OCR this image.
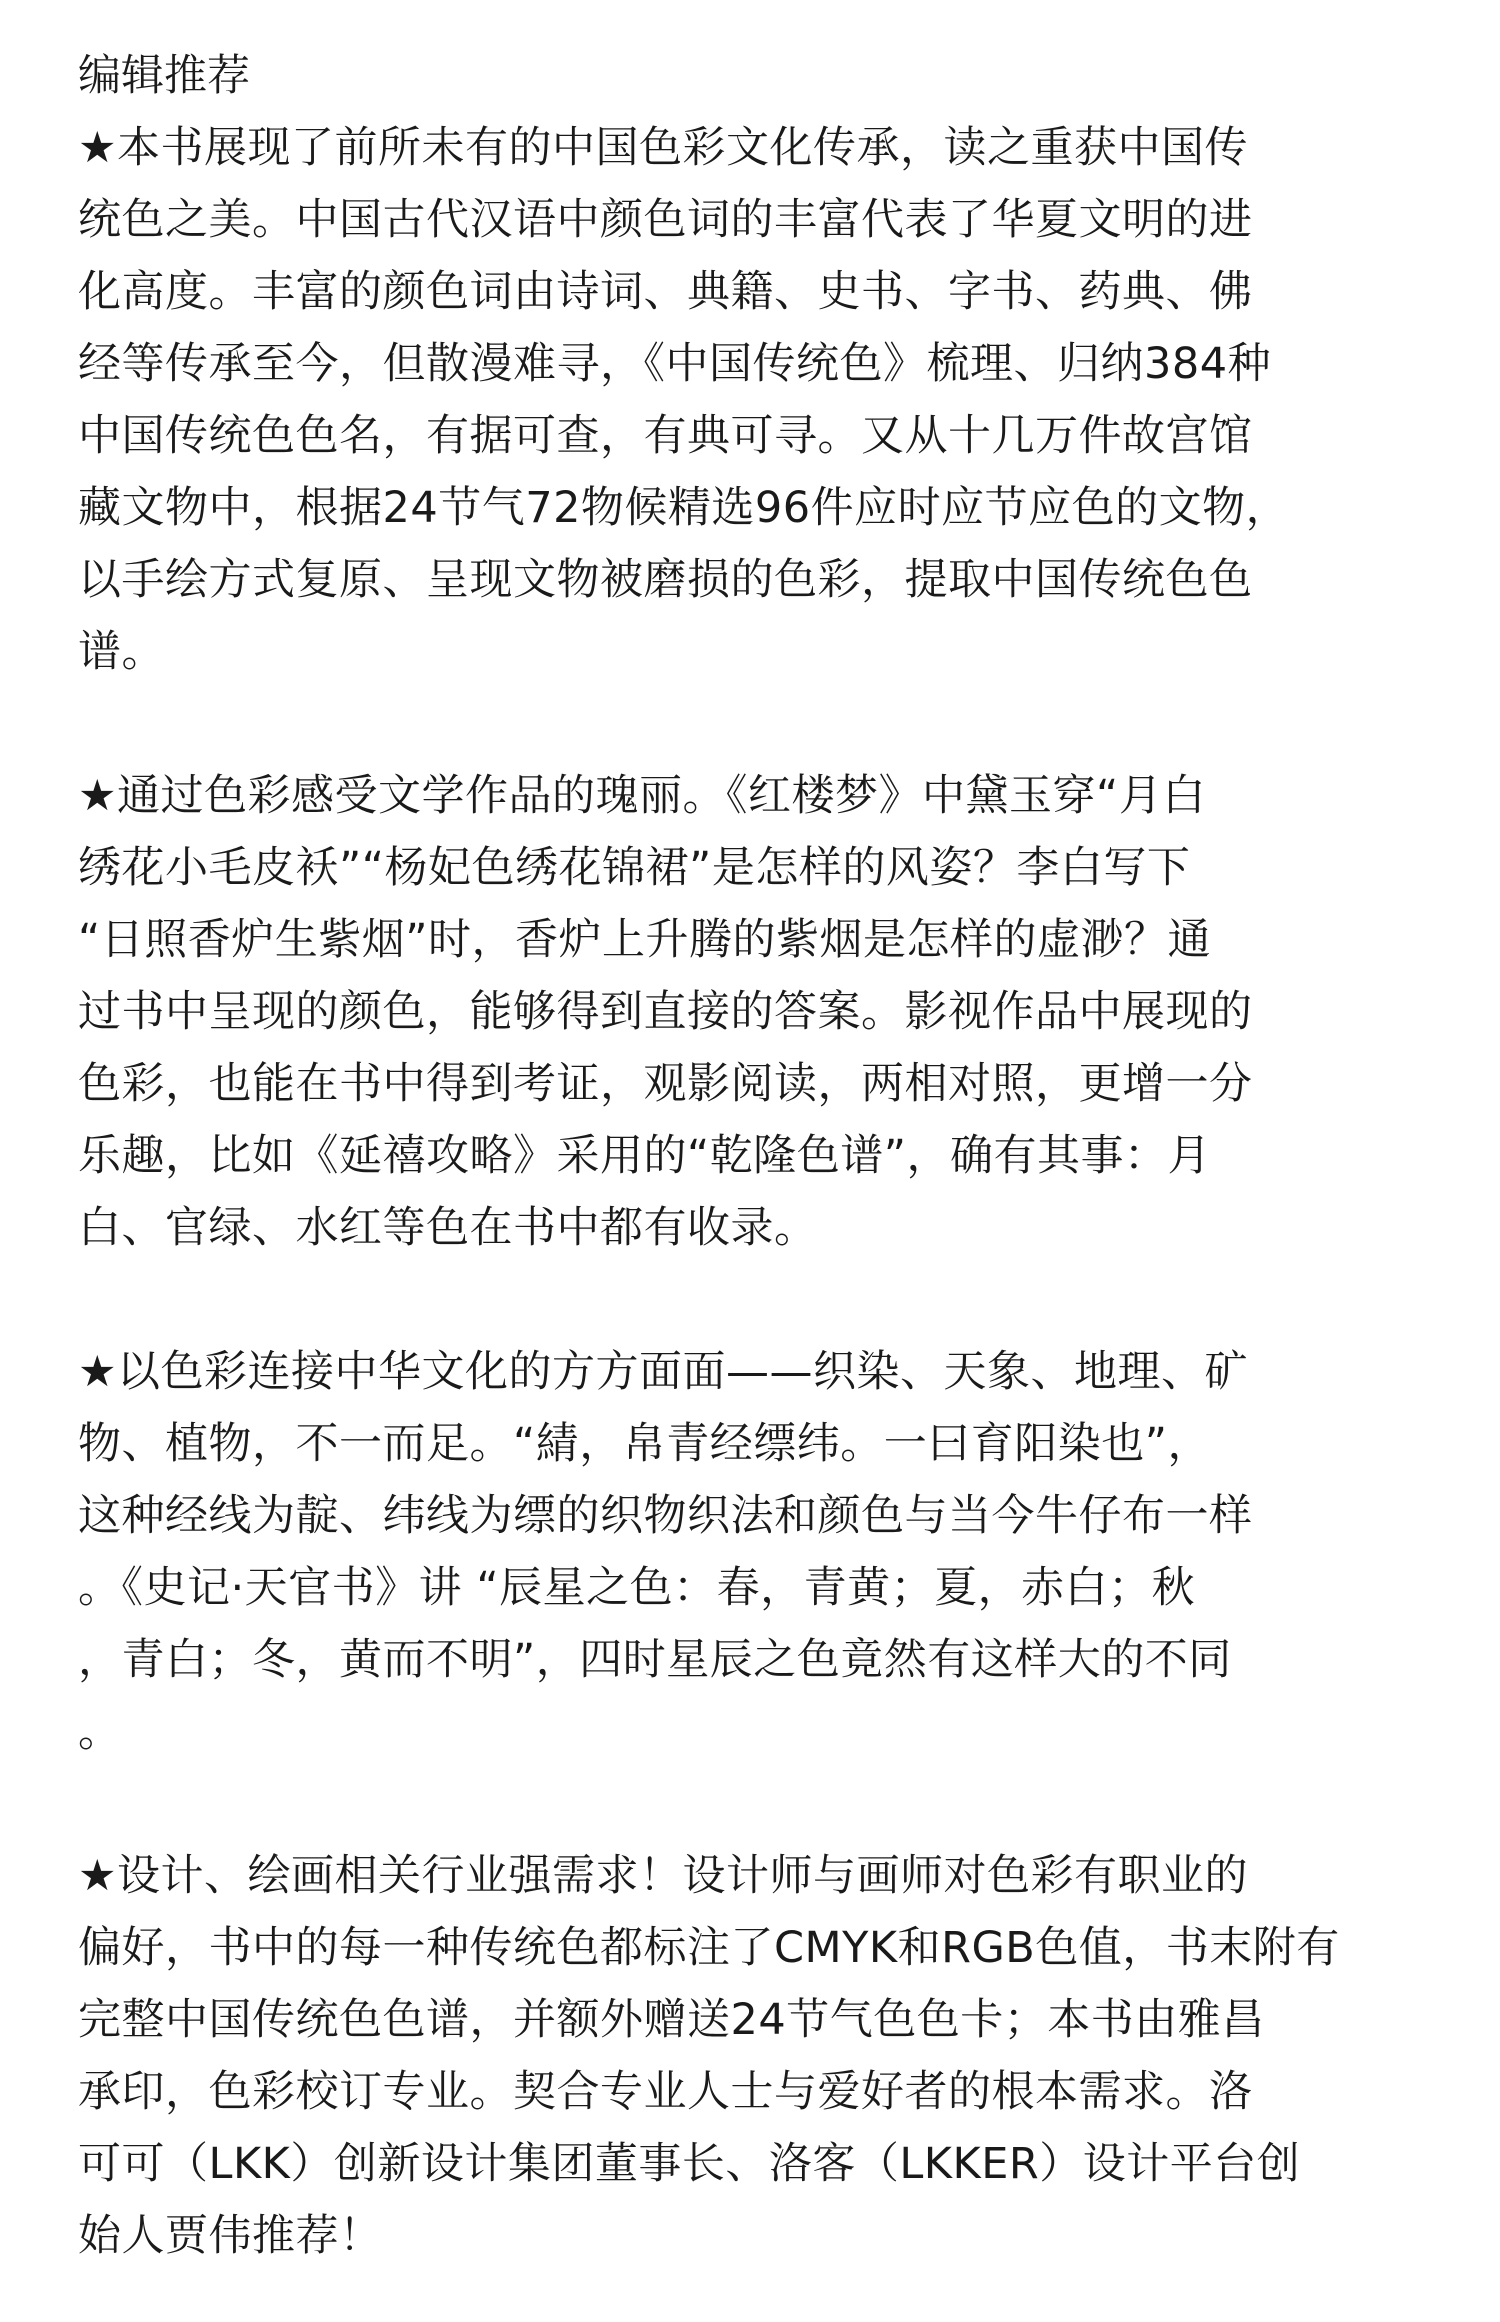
编辑推荐

★本书展现了前所未有的中国色彩文化传承，读之重获中国传
统色之美。中国古代汉语中颜色词的丰富代表了华夏文明的进
化高度。丰富的颜色词由诗词、典籍、史书、字书、药典、佛
经等传承至今，但散漫难寻，《中国传统色》梳理、归纳384种
中国传统色色名，有据可查，有典可寻。又从十几万件故宫馆
藏文物中，根据24节气72物候精选96件应时应节应色的文物，
以手绘方式复原、呈现文物被磨损的色彩，提取中国传统色色
谱。

★通过色彩感受文学作品的瑰丽。《红楼梦》中黛玉穿“月白
绣花小毛皮袄”“杨妃色绣花锦裙”是怎样的风姿？李白写下
“日照香炉生紫烟”时，香炉上升腾的紫烟是怎样的虚渺？通
过书中呈现的颜色，能够得到直接的答案。影视作品中展现的
色彩，也能在书中得到考证，观影阅读，两相对照，更增一分
乐趣，比如《延禧攻略》采用的“乾隆色谱”，确有其事：月
白、官绿、水红等色在书中都有收录。

★以色彩连接中华文化的方方面面——织染、天象、地理、矿
物、植物，不一而足。“綪，帛青经缥纬。一曰育阳染也”，
这种经线为靛、纬线为缥的织物织法和颜色与当今牛仔布一样
。《史记·天官书》讲 “辰星之色：春，青黄；夏，赤白；秋
，青白；冬，黄而不明”，四时星辰之色竟然有这样大的不同
。

★设计、绘画相关行业强需求！设计师与画师对色彩有职业的
偏好，书中的每一种传统色都标注了CMYK和RGB色值，书末附有
完整中国传统色色谱，并额外赠送24节气色色卡；本书由雅昌
承印，色彩校订专业。契合专业人士与爱好者的根本需求。洛
可可（LKK）创新设计集团董事长、洛客（LKKER）设计平台创
始人贾伟推荐！
